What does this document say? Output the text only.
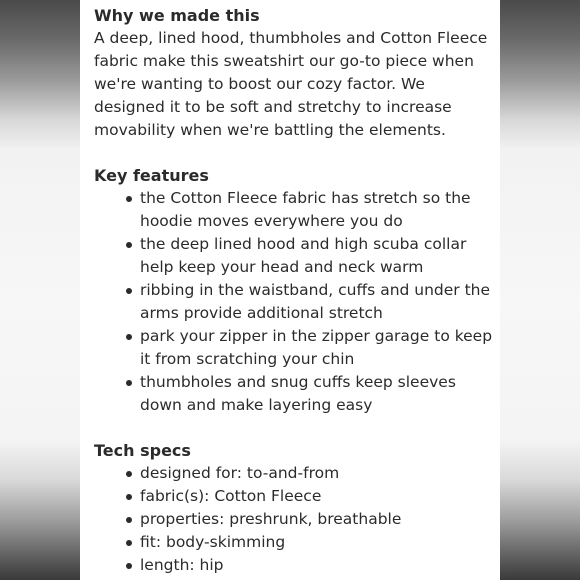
Why we made this

A deep, lined hood, thumbholes and Cotton Fleece fabric make this sweatshirt our go-to piece when we're wanting to boost our cozy factor. We designed it to be soft and stretchy to increase movability when we're battling the elements.

Key features
the Cotton Fleece fabric has stretch so the hoodie moves everywhere you do
the deep lined hood and high scuba collar help keep your head and neck warm
ribbing in the waistband, cuffs and under the arms provide additional stretch
park your zipper in the zipper garage to keep it from scratching your chin
thumbholes and snug cuffs keep sleeves down and make layering easy
Tech specs
designed for: to-and-from
fabric(s): Cotton Fleece
properties: preshrunk, breathable
fit: body-skimming
length: hip
